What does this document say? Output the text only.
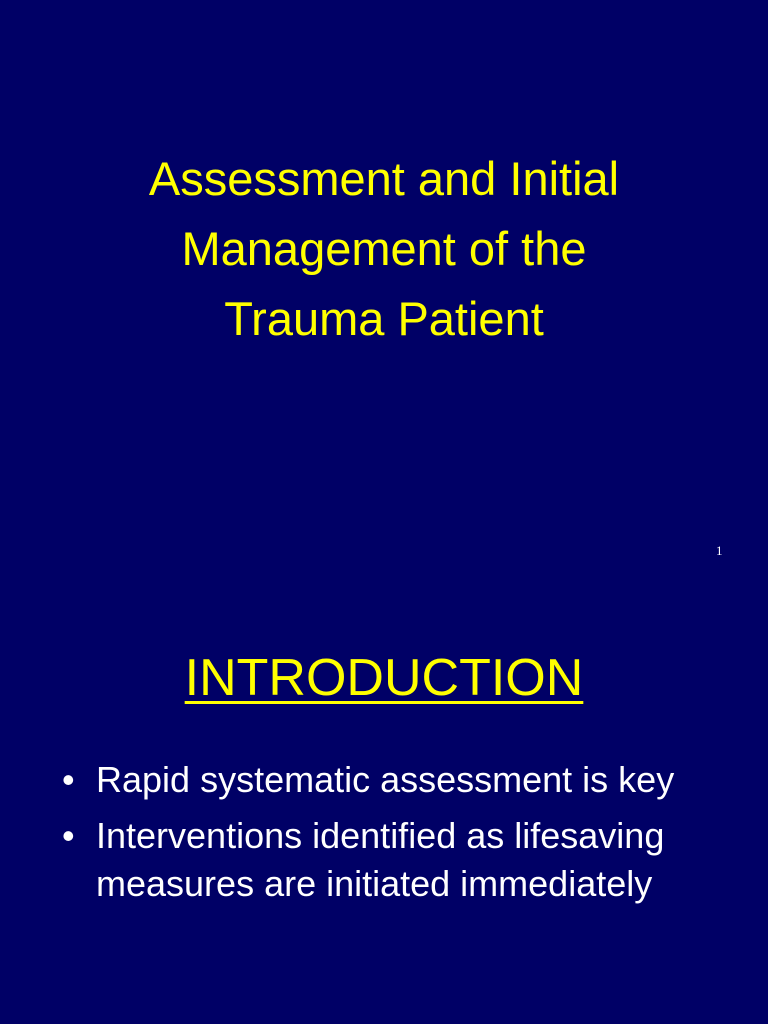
Assessment and Initial
Management of the
Trauma Patient
1
INTRODUCTION
• Rapid systematic assessment is key
• Interventions identified as lifesaving measures are initiated immediately
